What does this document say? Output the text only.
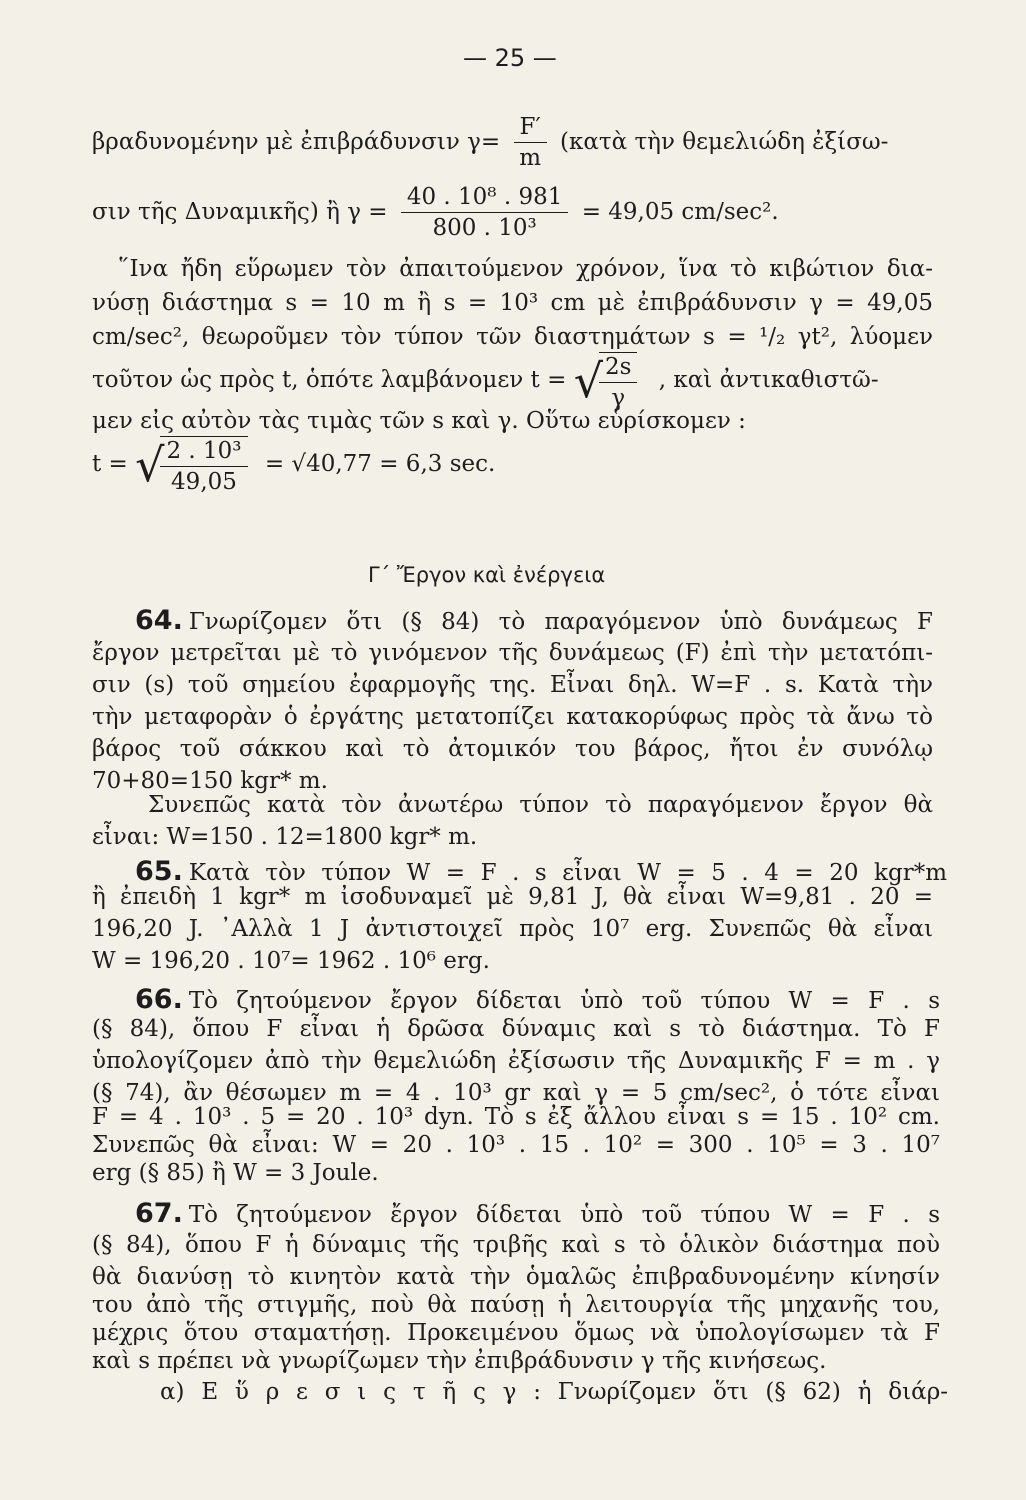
— 25 —
βραδυνομένην μὲ ἐπιβράδυνσιν $\gamma= \frac{F'}{m}$ (κατὰ τὴν θεμελιώδη ἐξίσω-
σιν τῆς Δυναμικῆς) ἢ $\gamma = \frac{\text{40 . 10⁸ . 981}}{\text{800 . 10³}} = 49,05$ cm/sec².
῞Ινα ἤδη εὕρωμεν τὸν ἀπαιτούμενον χρόνον, ἵνα τὸ κιβώτιον δια-
νύσῃ διάστημα s = 10 m ἢ s = 10³ cm μὲ ἐπιβράδυνσιν γ = 49,05
cm/sec², θεωροῦμεν τὸν τύπον τῶν διαστημάτων s = ¹/₂ γt², λύομεν
τοῦτον ὡς πρὸς t, ὁπότε λαμβάνομεν t = √
$\frac{2s}{\gamma}$ , καὶ ἀντικαθιστῶ-
μεν εἰς αὐτὸν τὰς τιμὰς τῶν s καὶ γ. Οὕτω εὑρίσκομεν :
t = √
$\frac{\text{2 . 10³}}{49,05} = √40,77 = 6,3$ sec.
Γ´ Ἔργον καὶ ἐνέργεια
64. Γνωρίζομεν ὅτι (§ 84) τὸ παραγόμενον ὑπὸ δυνάμεως F
ἔργον μετρεῖται μὲ τὸ γινόμενον τῆς δυνάμεως (F) ἐπὶ τὴν μετατόπι-
σιν (s) τοῦ σημείου ἐφαρμογῆς της. Εἶναι δηλ. W=F . s. Κατὰ τὴν
τὴν μεταφορὰν ὁ ἐργάτης μετατοπίζει κατακορύφως πρὸς τὰ ἄνω τὸ
βάρος τοῦ σάκκου καὶ τὸ ἀτομικόν του βάρος, ἤτοι ἐν συνόλῳ
70+80=150 kgr* m.
Συνεπῶς κατὰ τὸν ἀνωτέρω τύπον τὸ παραγόμενον ἔργον θὰ
εἶναι: W=150 . 12=1800 kgr* m.
65. Κατὰ τὸν τύπον W = F . s εἶναι W = 5 . 4 = 20 kgr*m
ἢ ἐπειδὴ 1 kgr* m ἰσοδυναμεῖ μὲ 9,81 J, θὰ εἶναι W=9,81 . 20 =
196,20 J. ᾿Αλλὰ 1 J ἀντιστοιχεῖ πρὸς 10⁷ erg. Συνεπῶς θὰ εἶναι
W = 196,20 . 10⁷= 1962 . 10⁶ erg.
66. Τὸ ζητούμενον ἔργον δίδεται ὑπὸ τοῦ τύπου W = F . s
(§ 84), ὅπου F εἶναι ἡ δρῶσα δύναμις καὶ s τὸ διάστημα. Τὸ F
ὑπολογίζομεν ἀπὸ τὴν θεμελιώδη ἐξίσωσιν τῆς Δυναμικῆς F = m . γ
(§ 74), ἂν θέσωμεν m = 4 . 10³ gr καὶ γ = 5 cm/sec², ὁ τότε εἶναι
F = 4 . 10³ . 5 = 20 . 10³ dyn. Τὸ s ἐξ ἄλλου εἶναι s = 15 . 10² cm.
Συνεπῶς θὰ εἶναι: W = 20 . 10³ . 15 . 10² = 300 . 10⁵ = 3 . 10⁷
erg (§ 85) ἢ W = 3 Joule.
67. Τὸ ζητούμενον ἔργον δίδεται ὑπὸ τοῦ τύπου W = F . s
(§ 84), ὅπου F ἡ δύναμις τῆς τριβῆς καὶ s τὸ ὁλικὸν διάστημα ποὺ
θὰ διανύσῃ τὸ κινητὸν κατὰ τὴν ὁμαλῶς ἐπιβραδυνομένην κίνησίν
του ἀπὸ τῆς στιγμῆς, ποὺ θὰ παύσῃ ἡ λειτουργία τῆς μηχανῆς του,
μέχρις ὅτου σταματήσῃ. Προκειμένου ὅμως νὰ ὑπολογίσωμεν τὰ F
καὶ s πρέπει νὰ γνωρίζωμεν τὴν ἐπιβράδυνσιν γ τῆς κινήσεως.
α) Ε ὕ ρ ε σ ι ς τ ῆ ς γ : Γνωρίζομεν ὅτι (§ 62) ἡ διάρ-
